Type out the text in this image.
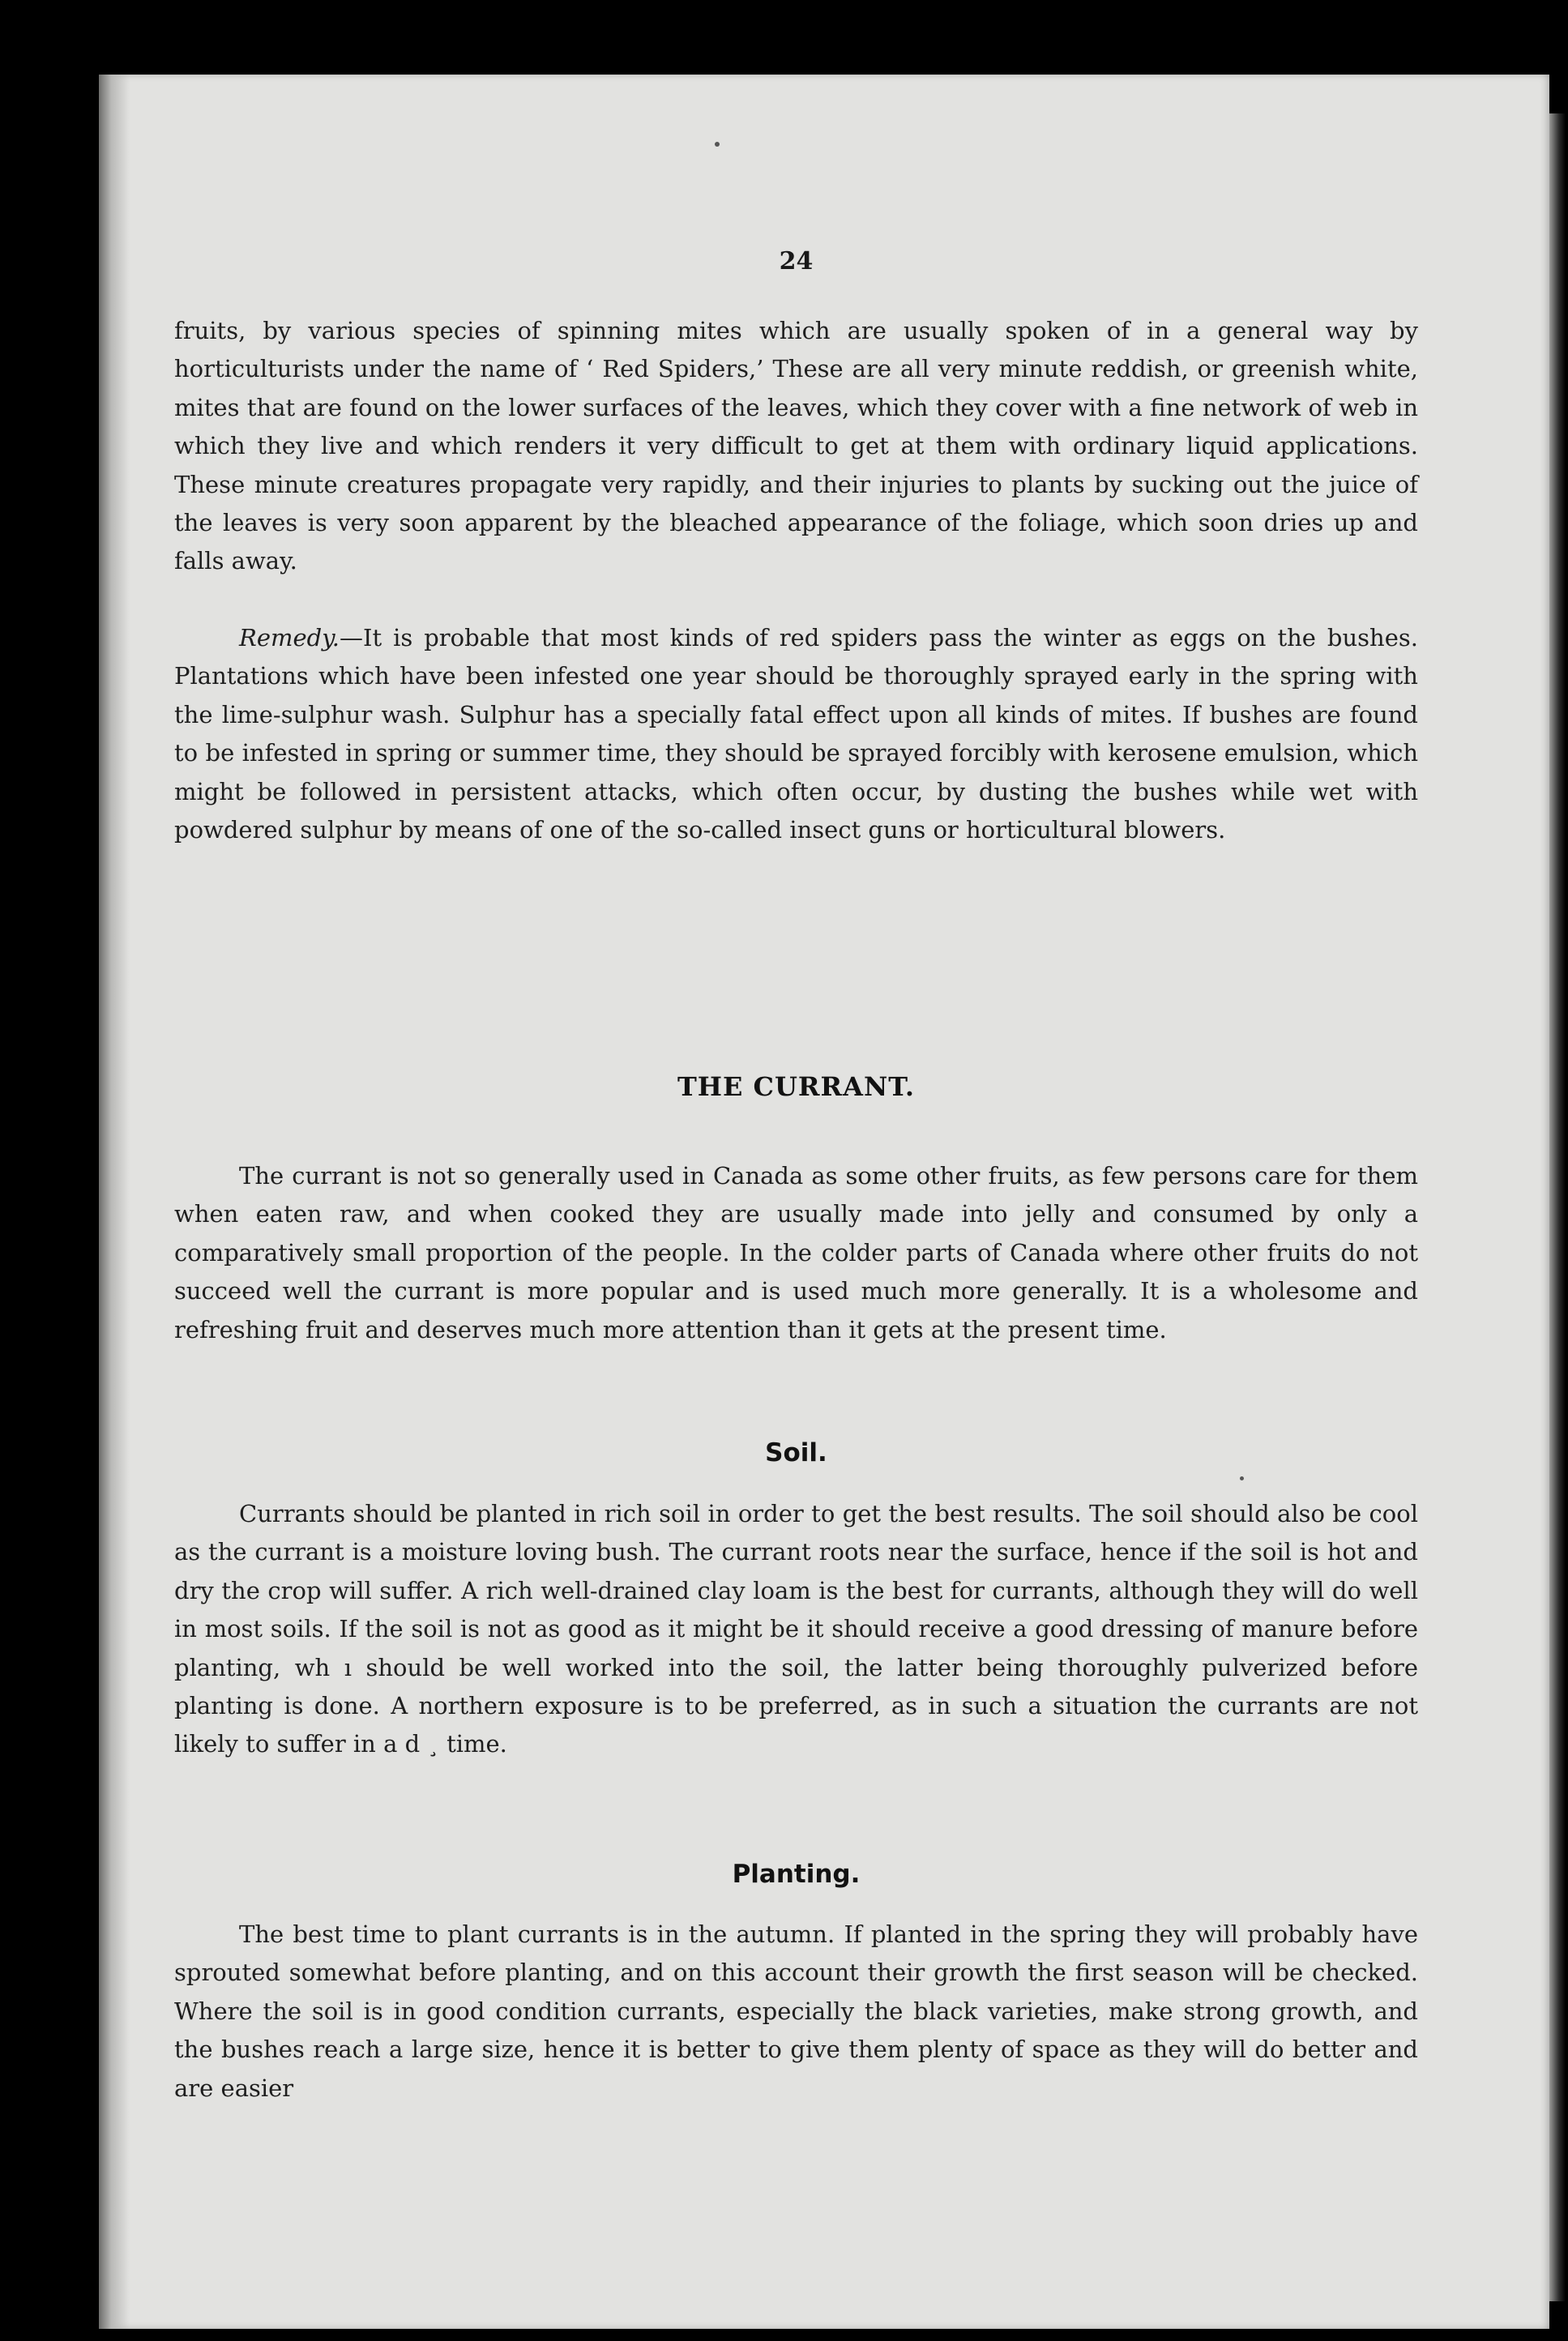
24
fruits, by various species of spinning mites which are usually spoken of in a general way by horticulturists under the name of ‘ Red Spiders,’ These are all very minute reddish, or greenish white, mites that are found on the lower surfaces of the leaves, which they cover with a fine network of web in which they live and which renders it very difficult to get at them with ordinary liquid applications. These minute creatures propagate very rapidly, and their injuries to plants by sucking out the juice of the leaves is very soon apparent by the bleached appearance of the foliage, which soon dries up and falls away.
Remedy.—It is probable that most kinds of red spiders pass the winter as eggs on the bushes. Plantations which have been infested one year should be thoroughly sprayed early in the spring with the lime-sulphur wash. Sulphur has a specially fatal effect upon all kinds of mites. If bushes are found to be infested in spring or summer time, they should be sprayed forcibly with kerosene emulsion, which might be followed in persistent attacks, which often occur, by dusting the bushes while wet with powdered sulphur by means of one of the so-called insect guns or horticultural blowers.
THE CURRANT.
The currant is not so generally used in Canada as some other fruits, as few persons care for them when eaten raw, and when cooked they are usually made into jelly and consumed by only a comparatively small proportion of the people. In the colder parts of Canada where other fruits do not succeed well the currant is more popular and is used much more generally. It is a wholesome and refreshing fruit and deserves much more attention than it gets at the present time.
Soil.
Currants should be planted in rich soil in order to get the best results. The soil should also be cool as the currant is a moisture loving bush. The currant roots near the surface, hence if the soil is hot and dry the crop will suffer. A rich well-drained clay loam is the best for currants, although they will do well in most soils. If the soil is not as good as it might be it should receive a good dressing of manure before planting, wh ı should be well worked into the soil, the latter being thoroughly pulverized before planting is done. A northern exposure is to be preferred, as in such a situation the currants are not likely to suffer in a d ¸ time.
Planting.
The best time to plant currants is in the autumn. If planted in the spring they will probably have sprouted somewhat before planting, and on this account their growth the first season will be checked. Where the soil is in good condition currants, especially the black varieties, make strong growth, and the bushes reach a large size, hence it is better to give them plenty of space as they will do better and are easier
